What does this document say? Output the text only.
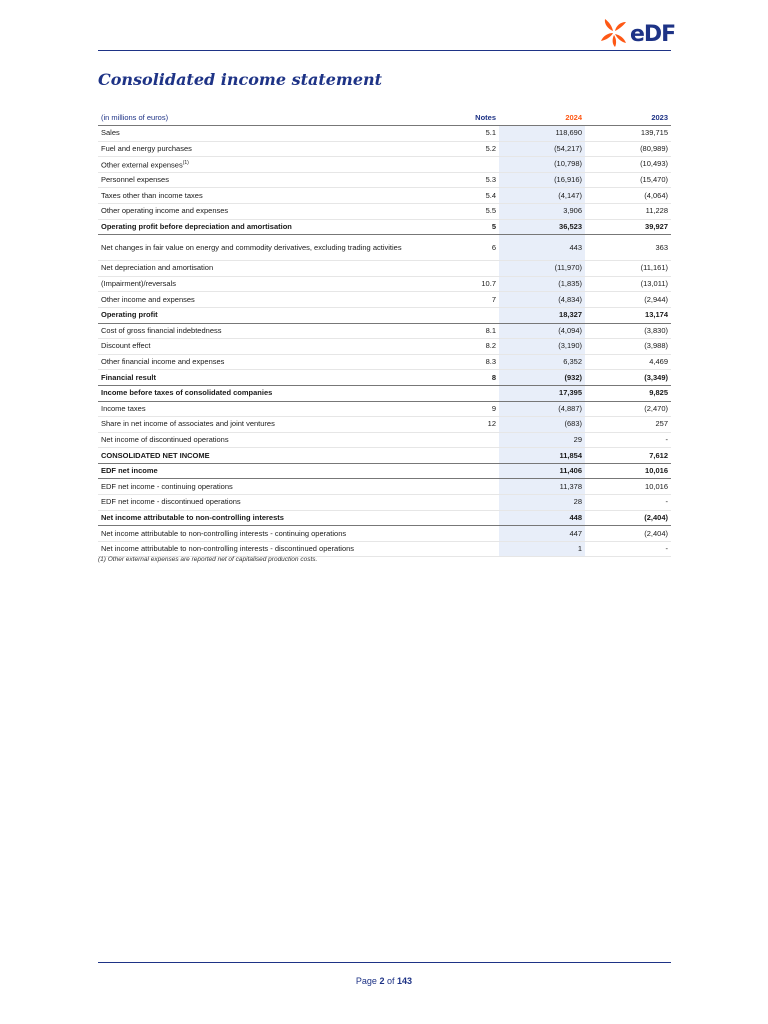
eDF
Consolidated income statement
(in millions of euros)	Notes	2024	2023
Sales	5.1	118,690	139,715
Fuel and energy purchases	5.2	(54,217)	(80,989)
Other external expenses$^{(1)}$		(10,798)	(10,493)
Personnel expenses	5.3	(16,916)	(15,470)
Taxes other than income taxes	5.4	(4,147)	(4,064)
Other operating income and expenses	5.5	3,906	11,228
Operating profit before depreciation and amortisation	5	36,523	39,927
Net changes in fair value on energy and commodity derivatives, excluding trading activities	6	443	363
Net depreciation and amortisation		(11,970)	(11,161)
(Impairment)/reversals	10.7	(1,835)	(13,011)
Other income and expenses	7	(4,834)	(2,944)
Operating profit		18,327	13,174
Cost of gross financial indebtedness	8.1	(4,094)	(3,830)
Discount effect	8.2	(3,190)	(3,988)
Other financial income and expenses	8.3	6,352	4,469
Financial result	8	(932)	(3,349)
Income before taxes of consolidated companies		17,395	9,825
Income taxes	9	(4,887)	(2,470)
Share in net income of associates and joint ventures	12	(683)	257
Net income of discontinued operations		29	-
CONSOLIDATED NET INCOME		11,854	7,612
EDF net income		11,406	10,016
EDF net income - continuing operations		11,378	10,016
EDF net income - discontinued operations		28	-
Net income attributable to non-controlling interests		448	(2,404)
Net income attributable to non-controlling interests - continuing operations		447	(2,404)
Net income attributable to non-controlling interests - discontinued operations		1	-
(1) Other external expenses are reported net of capitalised production costs.
Page 2 of 143
